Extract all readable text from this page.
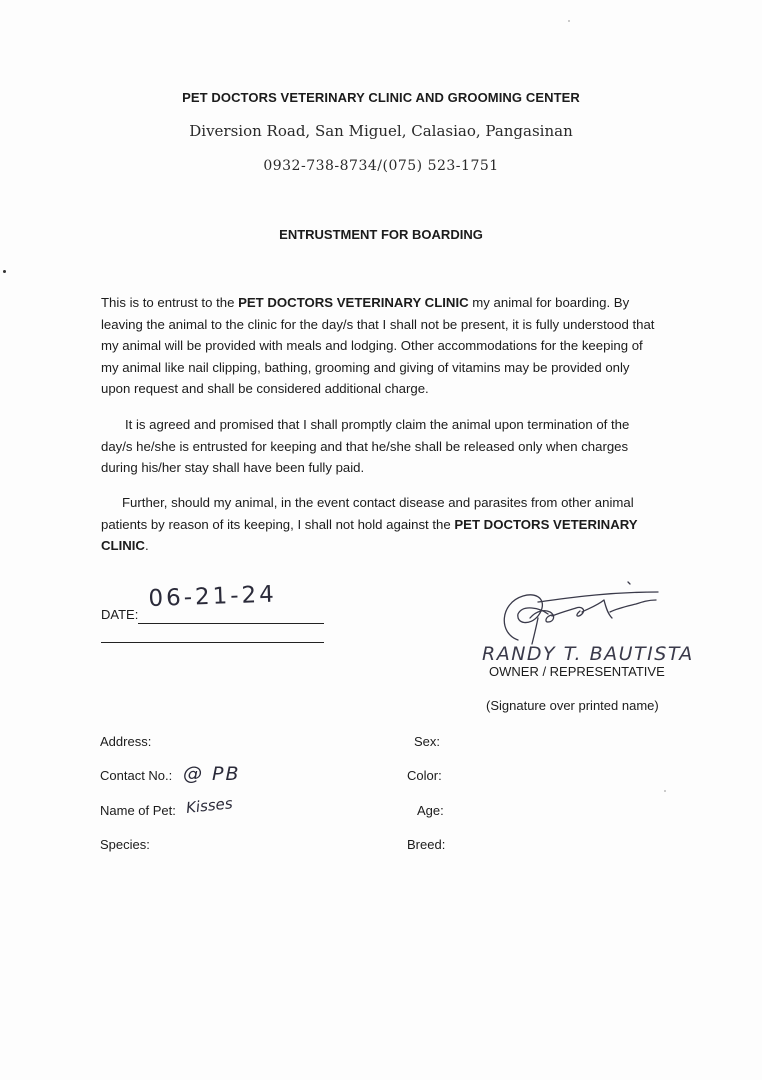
PET DOCTORS VETERINARY CLINIC AND GROOMING CENTER
Diversion Road, San Miguel, Calasiao, Pangasinan
0932-738-8734/(075) 523-1751
ENTRUSTMENT FOR BOARDING
This is to entrust to the PET DOCTORS VETERINARY CLINIC my animal for boarding. By leaving the animal to the clinic for the day/s that I shall not be present, it is fully understood that my animal will be provided with meals and lodging. Other accommodations for the keeping of my animal like nail clipping, bathing, grooming and giving of vitamins may be provided only upon request and shall be considered additional charge.
It is agreed and promised that I shall promptly claim the animal upon termination of the day/s he/she is entrusted for keeping and that he/she shall be released only when charges during his/her stay shall have been fully paid.
Further, should my animal, in the event contact disease and parasites from other animal patients by reason of its keeping, I shall not hold against the PET DOCTORS VETERINARY CLINIC.
DATE:
06-21-24
RANDY T. BAUTISTA
OWNER / REPRESENTATIVE
(Signature over printed name)
Address:
Contact No.: @ PB
Name of Pet: Kisses
Species:
Sex:
Color:
Age:
Breed:
